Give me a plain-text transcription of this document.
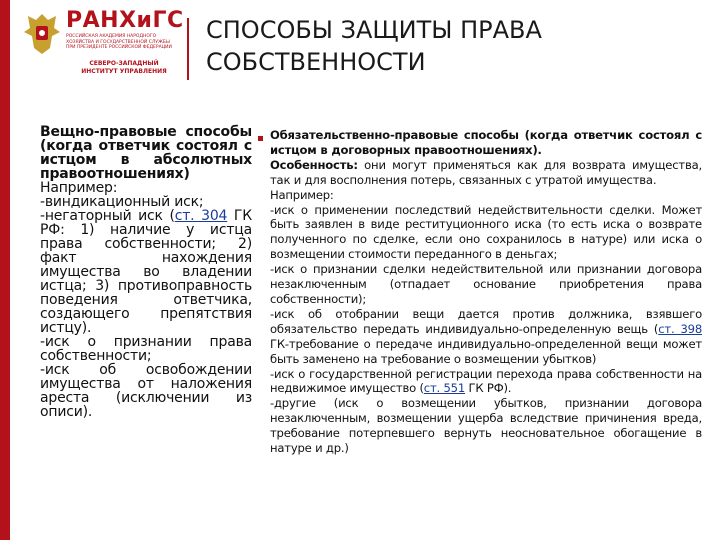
РАНХиГС
РОССИЙСКАЯ АКАДЕМИЯ НАРОДНОГО ХОЗЯЙСТВА И ГОСУДАРСТВЕННОЙ СЛУЖБЫ ПРИ ПРЕЗИДЕНТЕ РОССИЙСКОЙ ФЕДЕРАЦИИ
СЕВЕРО-ЗАПАДНЫЙ ИНСТИТУТ УПРАВЛЕНИЯ
СПОСОБЫ ЗАЩИТЫ ПРАВА СОБСТВЕННОСТИ

Вещно-правовые способы (когда ответчик состоял с истцом в абсолютных правоотношениях)

Например:

-виндикационный иск;

-негаторный иск (ст. 304 ГК РФ: 1) наличие у истца права собственности; 2) факт нахождения имущества во владении истца; 3) противоправность поведения ответчика, создающего препятствия истцу).

-иск о признании права собственности;

-иск об освобождении имущества от наложения ареста (исключении из описи).

Обязательственно-правовые способы (когда ответчик состоял с истцом в договорных правоотношениях).

Особенность: они могут применяться как для возврата имущества, так и для восполнения потерь, связанных с утратой имущества.

Например:

-иск о применении последствий недействительности сделки. Может быть заявлен в виде реституционного иска (то есть иска о возврате полученного по сделке, если оно сохранилось в натуре) или иска о возмещении стоимости переданного в деньгах;

-иск о признании сделки недействительной или признании договора незаключенным (отпадает основание приобретения права собственности);

-иск об отобрании вещи дается против должника, взявшего обязательство передать индивидуально-определенную вещь (ст. 398 ГК-требование о передаче индивидуально-определенной вещи может быть заменено на требование о возмещении убытков)

-иск о государственной регистрации перехода права собственности на недвижимое имущество (ст. 551 ГК РФ).

-другие (иск о возмещении убытков, признании договора незаключенным, возмещении ущерба вследствие причинения вреда, требование потерпевшего вернуть неосновательное обогащение в натуре и др.)
